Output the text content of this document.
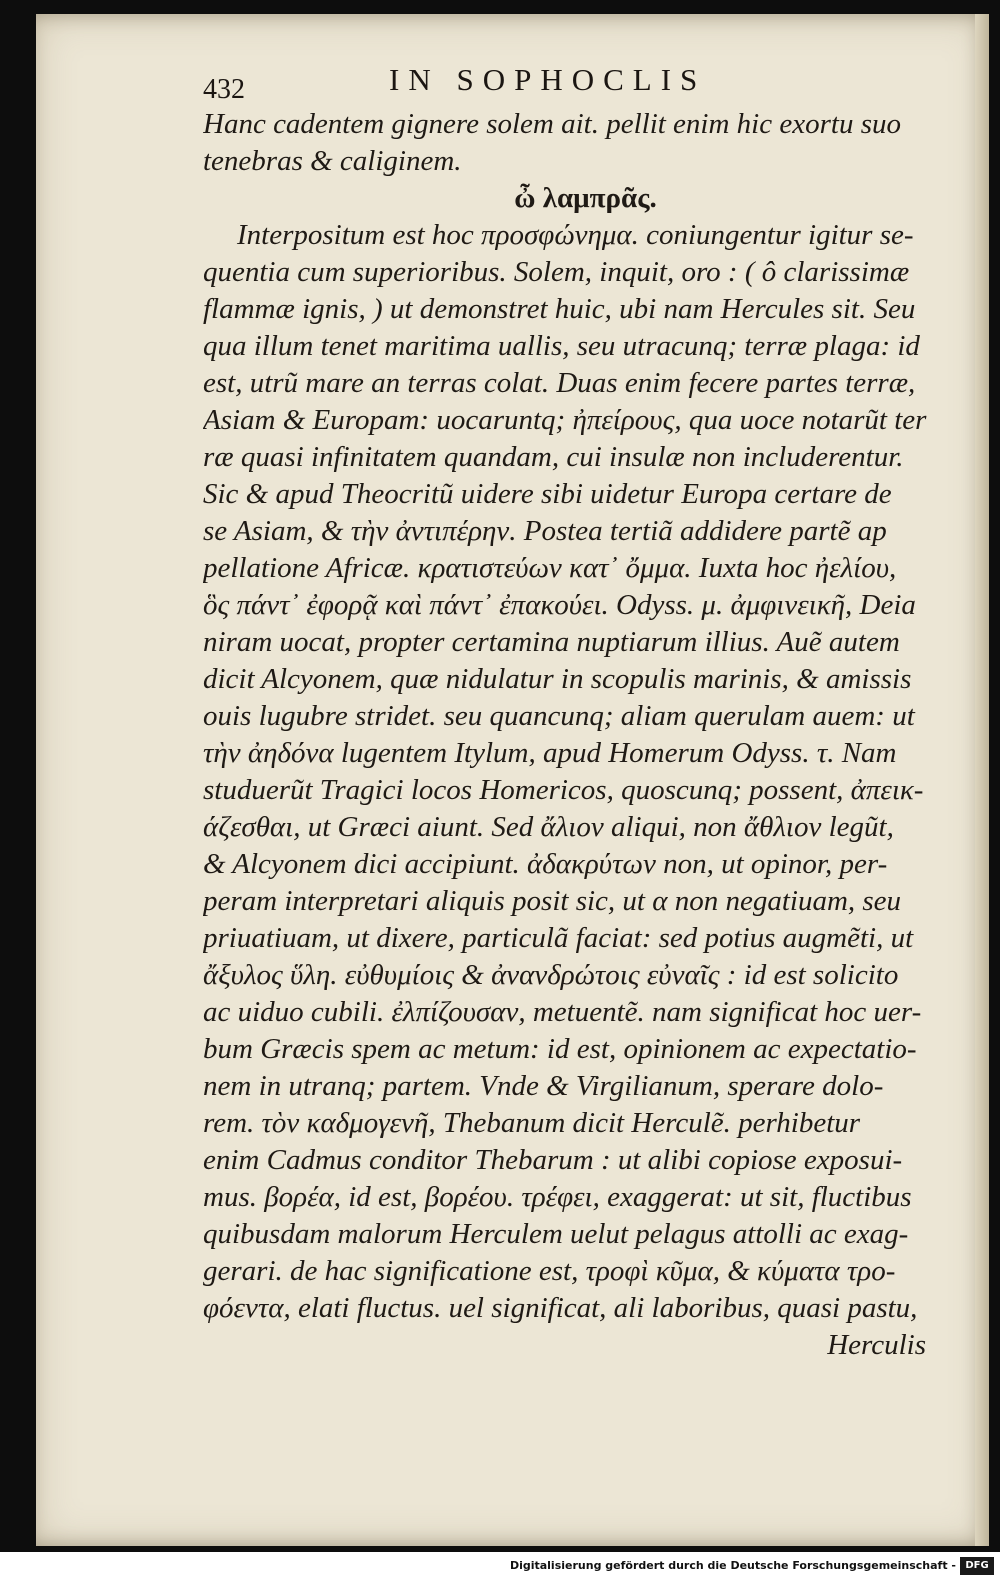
432	IN SOPHOCLIS
Hanc cadentem gignere solem ait. pellit enim hic exortu suo
tenebras & caliginem.
ὦ λαμπρᾶς.
Interpositum est hoc προσφώνημα. coniungentur igitur se-
quentia cum superioribus. Solem, inquit, oro : ( ô clarissimæ
flammæ ignis, ) ut demonstret huic, ubi nam Hercules sit. Seu
qua illum tenet maritima uallis, seu utracunq; terræ plaga: id
est, utrũ mare an terras colat. Duas enim fecere partes terræ,
Asiam & Europam: uocaruntq; ἠπείρους, qua uoce notarũt ter
ræ quasi infinitatem quandam, cui insulæ non includerentur.
Sic & apud Theocritũ uidere sibi uidetur Europa certare de
se Asiam, & τὴν ἀντιπέρην. Postea tertiã addidere partẽ ap
pellatione Africæ. κρατιστεύων κατ᾿ ὄμμα. Iuxta hoc ἠελίου,
ὃς πάντ᾿ ἐφορᾷ καὶ πάντ᾿ ἐπακούει. Odyss. μ. ἀμφινεικῆ, Deia
niram uocat, propter certamina nuptiarum illius. Auẽ autem
dicit Alcyonem, quæ nidulatur in scopulis marinis, & amissis
ouis lugubre stridet. seu quancunq; aliam querulam auem: ut
τὴν ἀηδόνα lugentem Itylum, apud Homerum Odyss. τ. Nam
studuerũt Tragici locos Homericos, quoscunq; possent, ἀπεικ-
άζεσθαι, ut Græci aiunt. Sed ἄλιον aliqui, non ἄθλιον legũt,
& Alcyonem dici accipiunt. ἀδακρύτων non, ut opinor, per-
peram interpretari aliquis posit sic, ut α non negatiuam, seu
priuatiuam, ut dixere, particulã faciat: sed potius augmẽti, ut
ἄξυλος ὕλη. εὐθυμίοις & ἀνανδρώτοις εὐναῖς : id est solicito
ac uiduo cubili. ἐλπίζουσαν, metuentẽ. nam significat hoc uer-
bum Græcis spem ac metum: id est, opinionem ac expectatio-
nem in utranq; partem. Vnde & Virgilianum, sperare dolo-
rem. τὸν καδμογενῆ, Thebanum dicit Herculẽ. perhibetur
enim Cadmus conditor Thebarum : ut alibi copiose exposui-
mus. βορέα, id est, βορέου. τρέφει, exaggerat: ut sit, fluctibus
quibusdam malorum Herculem uelut pelagus attolli ac exag-
gerari. de hac significatione est, τροφὶ κῦμα, & κύματα τρο-
φόεντα, elati fluctus. uel significat, ali laboribus, quasi pastu,
Herculis
Digitalisierung gefördert durch die Deutsche Forschungsgemeinschaft - DFG
